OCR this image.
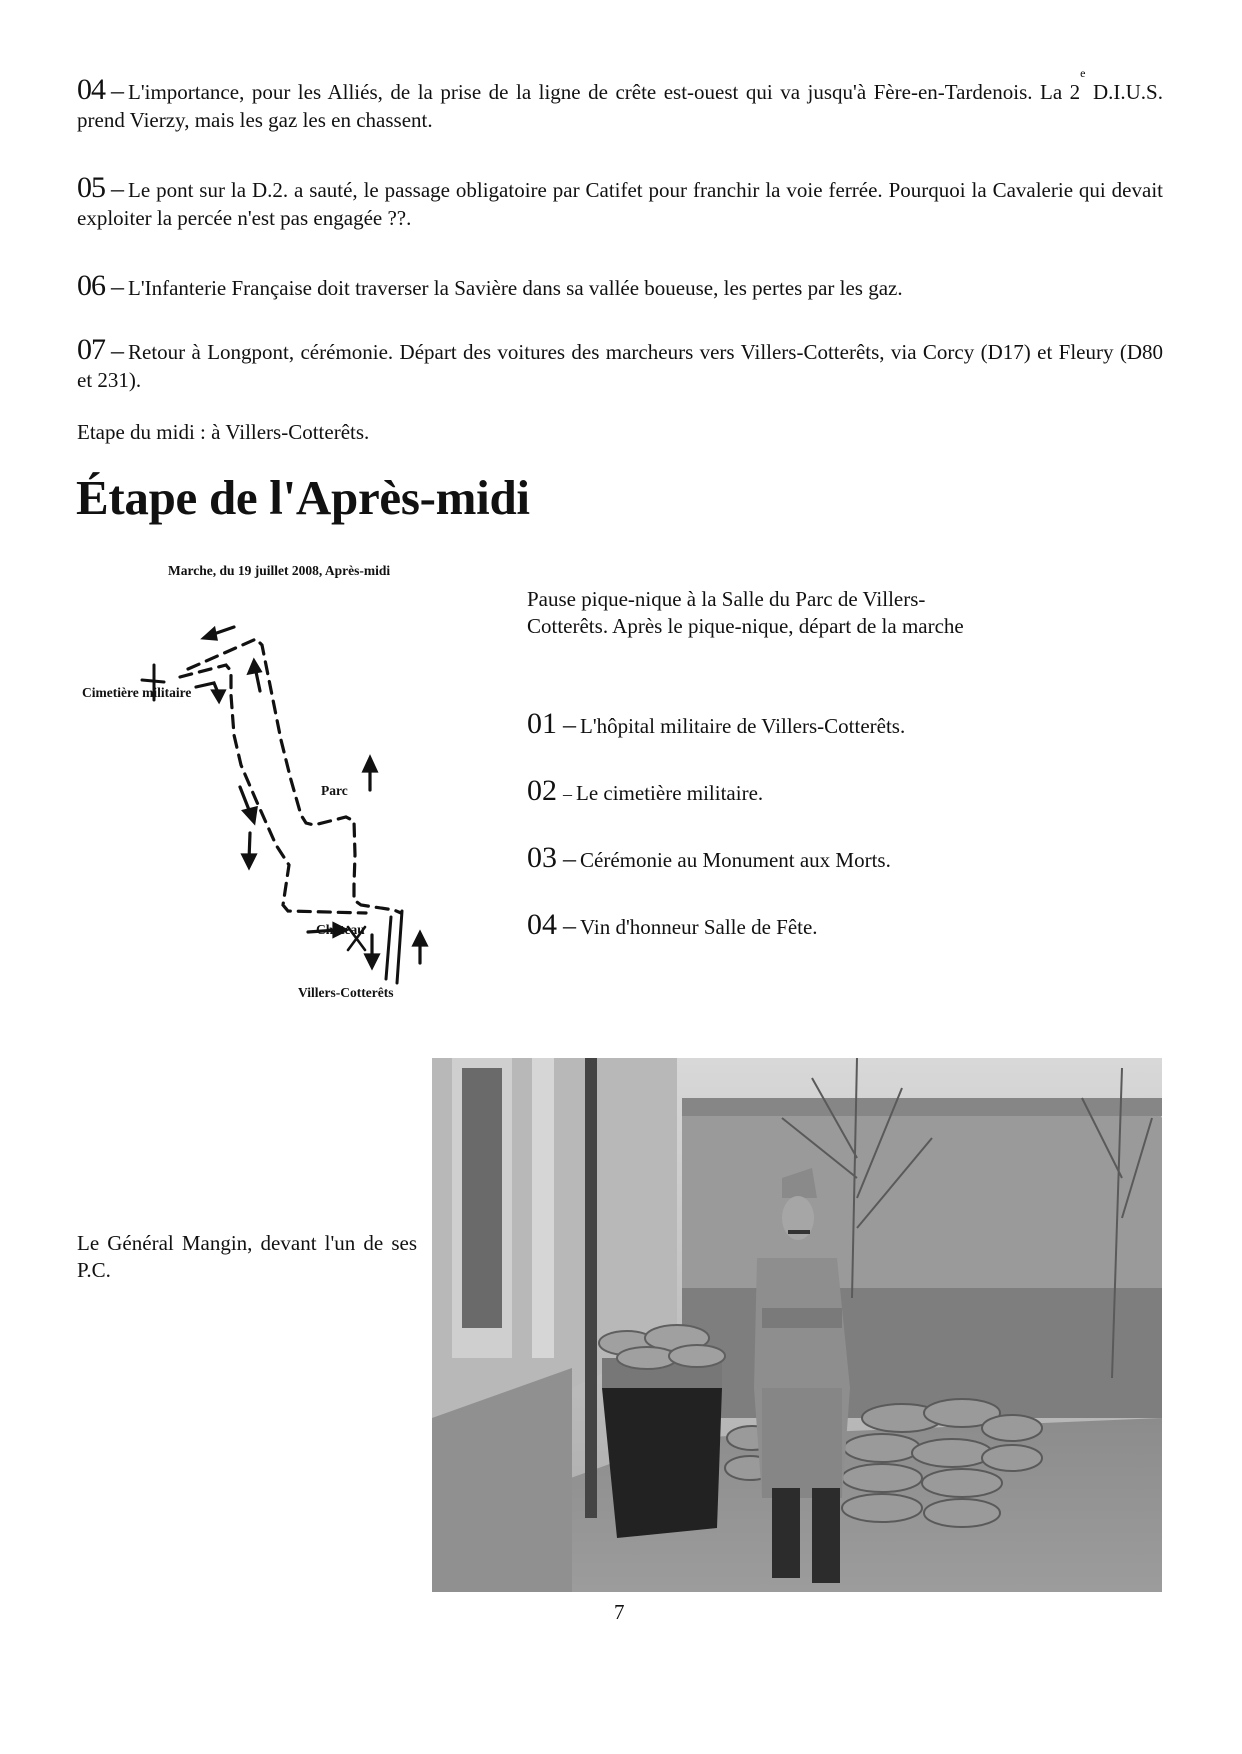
04 – L'importance, pour les Alliés, de la prise de la ligne de crête est-ouest qui va jusqu'à Fère-en-Tardenois. La 2e D.I.U.S. prend Vierzy, mais les gaz les en chassent.
05 – Le pont sur la D.2. a sauté, le passage obligatoire par Catifet pour franchir la voie ferrée. Pourquoi la Cavalerie qui devait exploiter la percée n'est pas engagée ??.
06 – L'Infanterie Française doit traverser la Savière dans sa vallée boueuse, les pertes par les gaz.
07 – Retour à Longpont, cérémonie. Départ des voitures des marcheurs vers Villers-Cotterêts, via Corcy (D17) et Fleury (D80 et 231).
Etape du midi : à Villers-Cotterêts.
Étape de l'Après-midi
Marche, du 19 juillet 2008, Après-midi
Cimetière militaire
Parc
Château
Villers-Cotterêts
Pause pique-nique à la Salle du Parc de Villers-Cotterêts. Après le pique-nique, départ de la marche
01 – L'hôpital militaire de Villers-Cotterêts.
02 – Le cimetière militaire.
03 – Cérémonie au Monument aux Morts.
04 – Vin d'honneur Salle de Fête.
Le Général Mangin, devant l'un de ses P.C.
7
